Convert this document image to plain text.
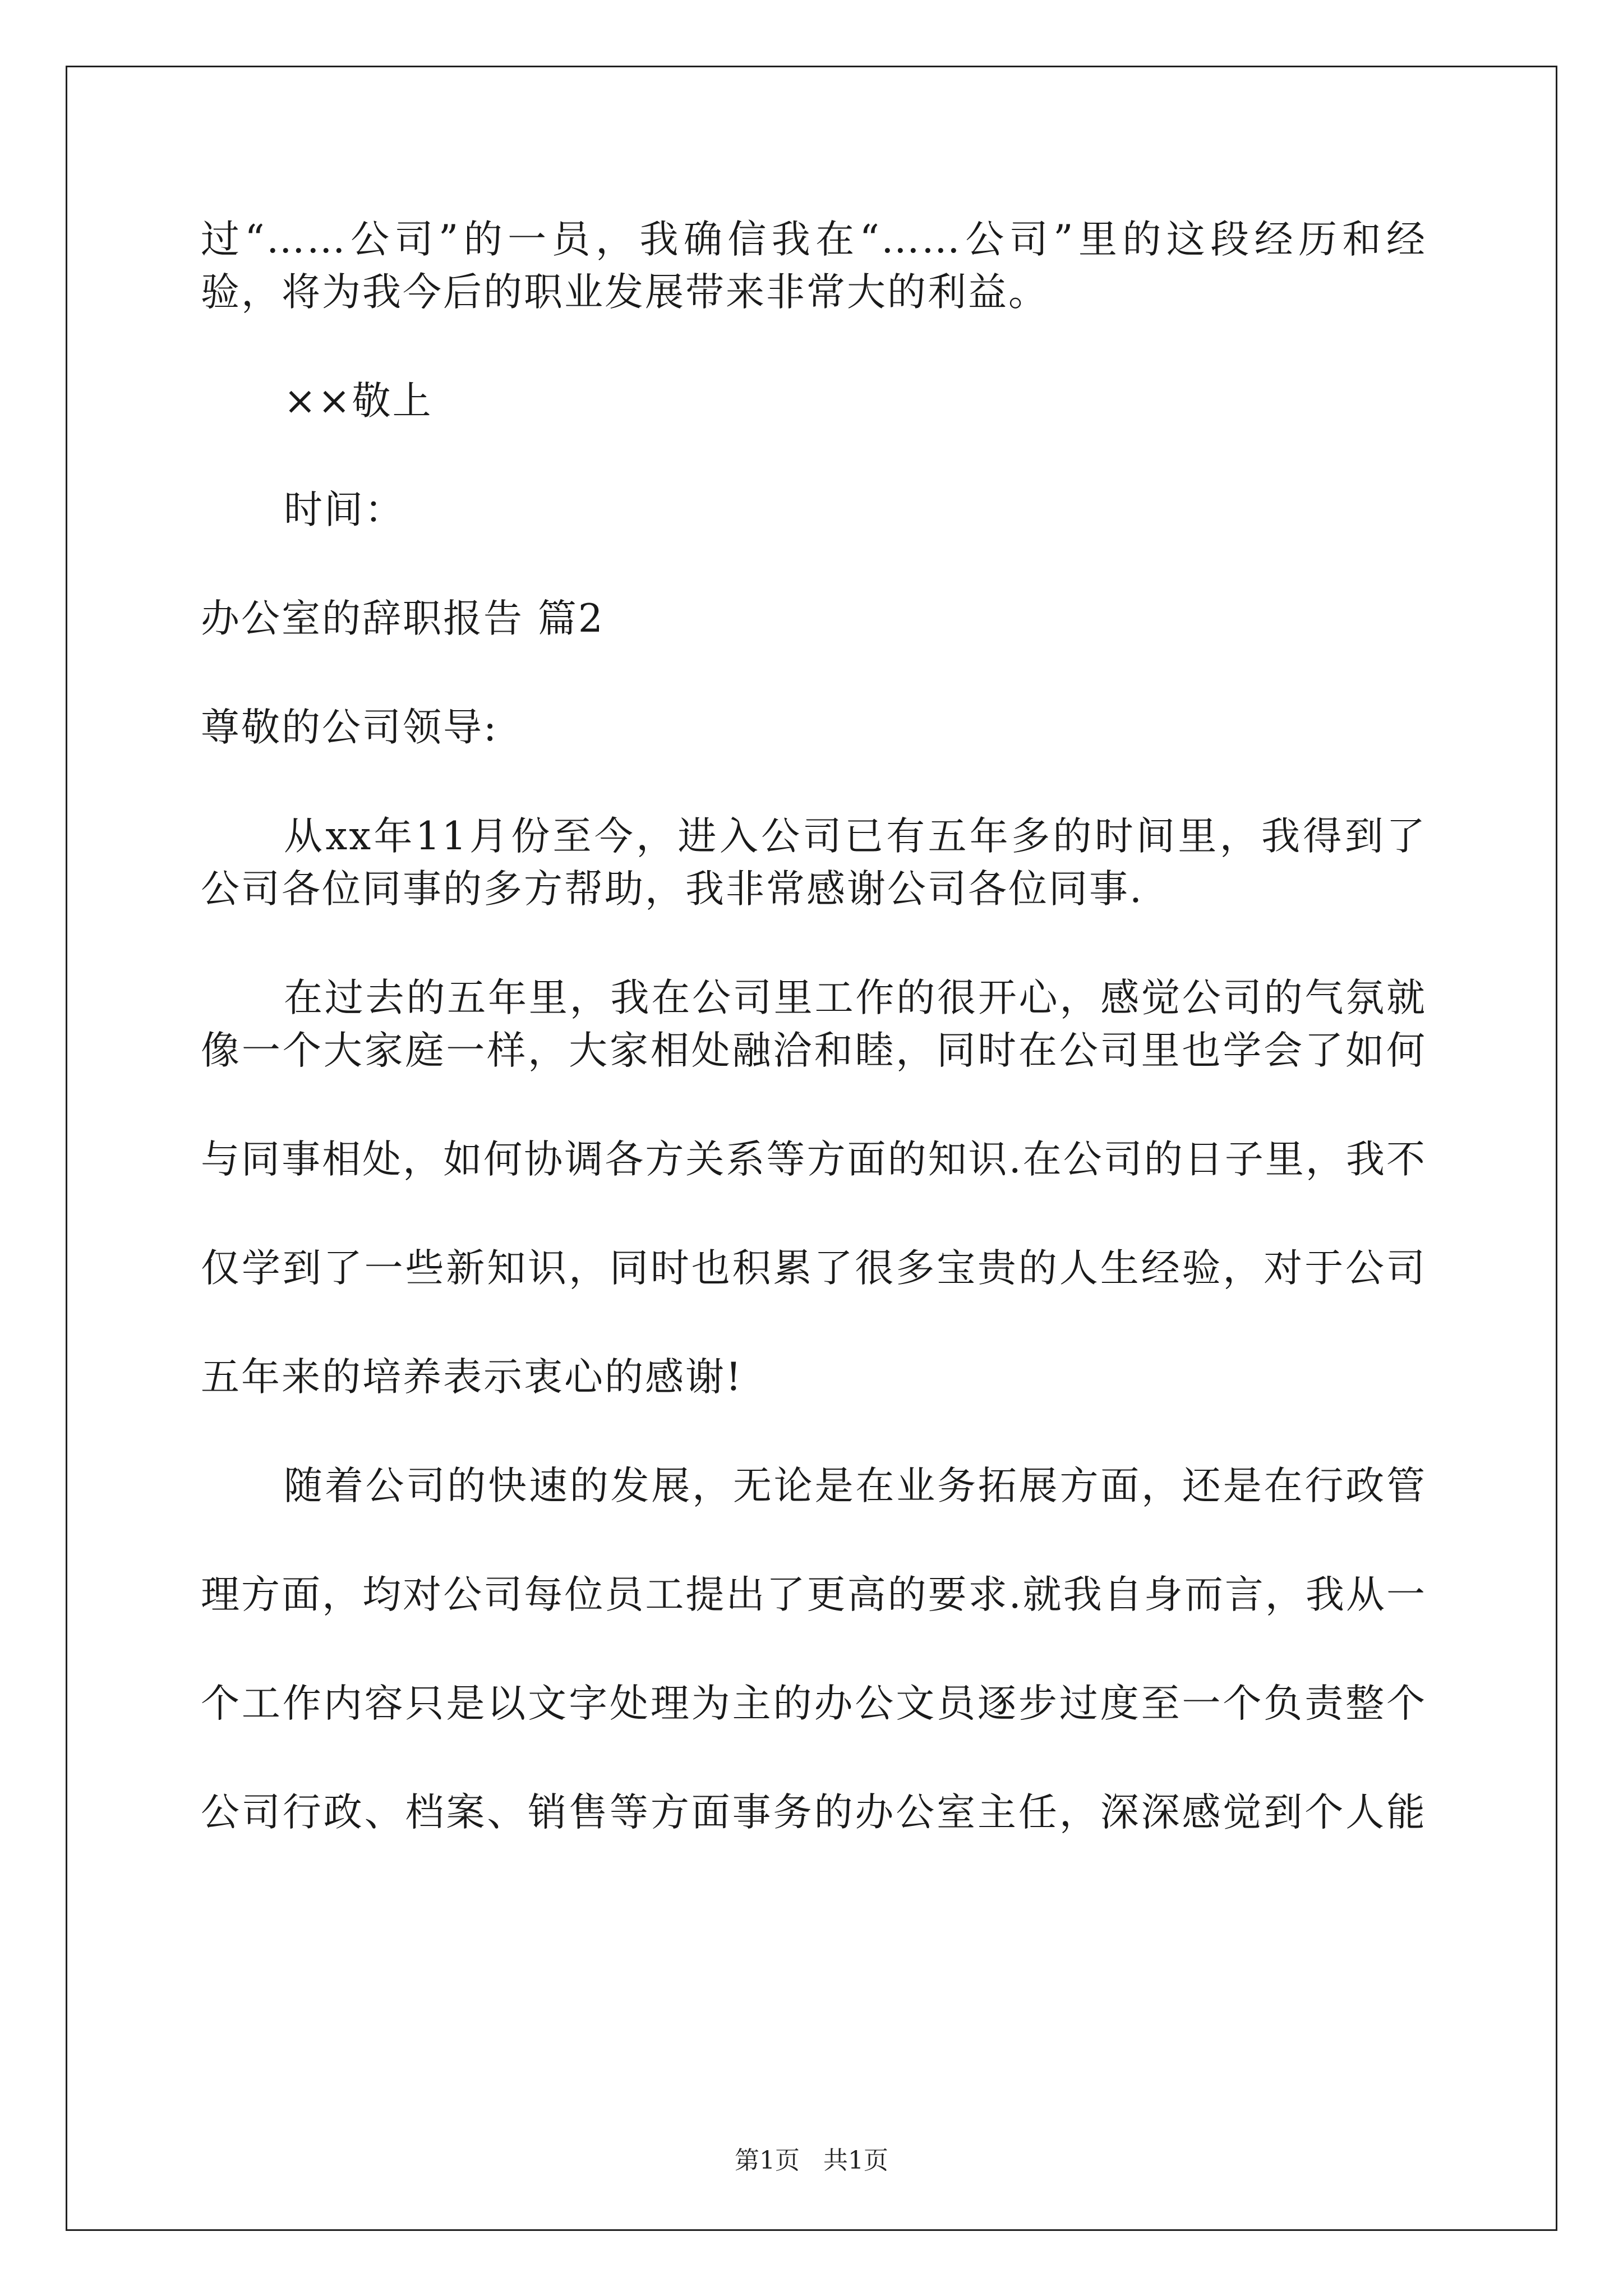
过“……公司”的一员，我确信我在“……公司”里的这段经历和经

验，将为我今后的职业发展带来非常大的利益。

××敬上

时间：

办公室的辞职报告 篇2

尊敬的公司领导:

从xx年11月份至今，进入公司已有五年多的时间里，我得到了

公司各位同事的多方帮助，我非常感谢公司各位同事.

在过去的五年里，我在公司里工作的很开心，感觉公司的气氛就

像一个大家庭一样，大家相处融洽和睦，同时在公司里也学会了如何

与同事相处，如何协调各方关系等方面的知识.在公司的日子里，我不

仅学到了一些新知识，同时也积累了很多宝贵的人生经验，对于公司

五年来的培养表示衷心的感谢!

随着公司的快速的发展，无论是在业务拓展方面，还是在行政管

理方面，均对公司每位员工提出了更高的要求.就我自身而言，我从一

个工作内容只是以文字处理为主的办公文员逐步过度至一个负责整个

公司行政、档案、销售等方面事务的办公室主任，深深感觉到个人能

第1页 共1页
